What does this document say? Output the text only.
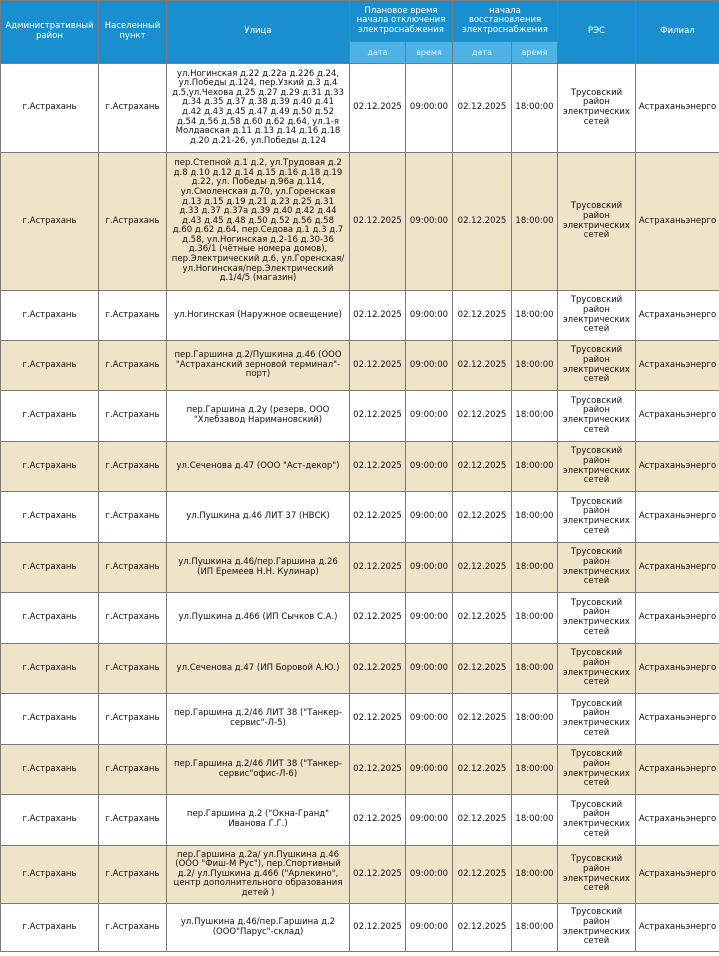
Административный район	Населенный пункт	Улица	Плановое время начала отключения электроснабжения		начала восстановления электроснабжения		РЭС	Филиал
			дата	время	дата	время		
г.Астрахань	г.Астрахань	ул.Ногинская д.22 д.22а д.226 д.24, ул.Победы д.124, пер.Узкий д.3 д.4 д.5,ул.Чехова д.25 д.27 д.29 д.31 д.33 д.34 д.35 д.37 д.38 д.39 д.40 д.41 д.42 д.43 д.45 д.47 д.49 д.50 д.52 д.54 д.56 д.58 д.60 д.62 д.64, ул.1-я Молдавская д.11 д.13 д.14 д.16 д.18 д.20 д.21-26, ул.Победы д.124	02.12.2025	09:00:00	02.12.2025	18:00:00	Трусовский район электрических сетей	Астраханьэнерго
г.Астрахань	г.Астрахань	пер.Степной д.1 д.2, ул.Трудовая д.2 д.8 д.10 д.12 д.14 д.15 д.16 д.18 д.19 д.22, ул. Победы д.96а д.114, ул.Смоленская д.70, ул.Горенская д.13 д.15 д.19 д.21 д.23 д.25 д.31 д.33 д.37 д.37а д.39 д.40 д.42 д.44 д.43 д.45 д.48 д.50 д.52 д.56 д.58 д.60 д.62 д.64, пер.Седова д.1 д.3 д.7 д.58, ул.Ногинская д.2-16 д.30-36 д.36/1 (чётные номера домов), пер.Электрический д.6, ул.Горенская/ ул.Ногинская/пер.Электрический д.1/4/5 (магазин)	02.12.2025	09:00:00	02.12.2025	18:00:00	Трусовский район электрических сетей	Астраханьэнерго
г.Астрахань	г.Астрахань	ул.Ногинская (Наружное освещение)	02.12.2025	09:00:00	02.12.2025	18:00:00	Трусовский район электрических сетей	Астраханьэнерго
г.Астрахань	г.Астрахань	пер.Гаршина д.2/Пушкина д.46 (ООО "Астраханский зерновой терминал"-порт)	02.12.2025	09:00:00	02.12.2025	18:00:00	Трусовский район электрических сетей	Астраханьэнерго
г.Астрахань	г.Астрахань	пер.Гаршина д.2у (резерв, ООО "Хлебзавод Наримановский)	02.12.2025	09:00:00	02.12.2025	18:00:00	Трусовский район электрических сетей	Астраханьэнерго
г.Астрахань	г.Астрахань	ул.Сеченова д.47 (ООО "Аст-декор")	02.12.2025	09:00:00	02.12.2025	18:00:00	Трусовский район электрических сетей	Астраханьэнерго
г.Астрахань	г.Астрахань	ул.Пушкина д.46 ЛИТ 37 (НВСК)	02.12.2025	09:00:00	02.12.2025	18:00:00	Трусовский район электрических сетей	Астраханьэнерго
г.Астрахань	г.Астрахань	ул.Пушкина д.46/пер.Гаршина д.26 (ИП Еремеев Н.Н. Кулинар)	02.12.2025	09:00:00	02.12.2025	18:00:00	Трусовский район электрических сетей	Астраханьэнерго
г.Астрахань	г.Астрахань	ул.Пушкина д.466 (ИП Сычков С.А.)	02.12.2025	09:00:00	02.12.2025	18:00:00	Трусовский район электрических сетей	Астраханьэнерго
г.Астрахань	г.Астрахань	ул.Сеченова д.47 (ИП Боровой А.Ю.)	02.12.2025	09:00:00	02.12.2025	18:00:00	Трусовский район электрических сетей	Астраханьэнерго
г.Астрахань	г.Астрахань	пер.Гаршина д.2/46 ЛИТ 38 ("Танкер-сервис"-Л-5)	02.12.2025	09:00:00	02.12.2025	18:00:00	Трусовский район электрических сетей	Астраханьэнерго
г.Астрахань	г.Астрахань	пер.Гаршина д.2/46 ЛИТ 38 ("Танкер-сервис"офис-Л-6)	02.12.2025	09:00:00	02.12.2025	18:00:00	Трусовский район электрических сетей	Астраханьэнерго
г.Астрахань	г.Астрахань	пер.Гаршина д.2 ("Окна-Гранд" Иванова Г.Г.)	02.12.2025	09:00:00	02.12.2025	18:00:00	Трусовский район электрических сетей	Астраханьэнерго
г.Астрахань	г.Астрахань	пер.Гаршина д.2а/ ул.Пушкина д.46 (ООО "Фиш-М Рус"), пер.Спортивный д.2/ ул.Пушкина д.466 ("Арлекино", центр дополнительного образования детей )	02.12.2025	09:00:00	02.12.2025	18:00:00	Трусовский район электрических сетей	Астраханьэнерго
г.Астрахань	г.Астрахань	ул.Пушкина д.46/пер.Гаршина д.2 (ООО"Парус"-склад)	02.12.2025	09:00:00	02.12.2025	18:00:00	Трусовский район электрических сетей	Астраханьэнерго
